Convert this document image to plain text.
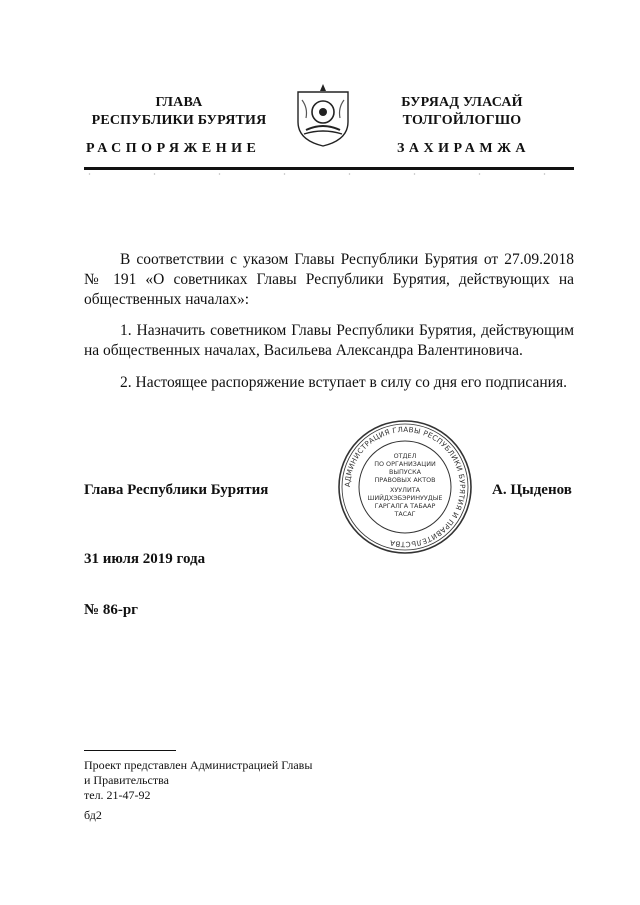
ГЛАВА
РЕСПУБЛИКИ БУРЯТИЯ
БУРЯАД УЛАСАЙ
ТОЛГОЙЛОГШО
РАСПОРЯЖЕНИЕ	ЗАХИРАМЖА
В соответствии с указом Главы Республики Бурятия от 27.09.2018 № 191 «О советниках Главы Республики Бурятия, действующих на общественных началах»:
1. Назначить советником Главы Республики Бурятия, действующим на общественных началах, Васильева Александра Валентиновича.
2. Настоящее распоряжение вступает в силу со дня его подписания.
АДМИНИСТРАЦИЯ ГЛАВЫ РЕСПУБЛИКИ БУРЯТИЯ И ПРАВИТЕЛЬСТВА
ОТДЕЛ
ПО ОРГАНИЗАЦИИ
ВЫПУСКА
ПРАВОВЫХ АКТОВ
ХУУЛИТА
ШИЙДХЭБЭРИНУУДЫЕ
ГАРГАЛГА ТАБААР
ТАСАГ
Глава Республики Бурятия	А. Цыденов
31 июля 2019 года
№ 86-рг
Проект представлен Администрацией Главы
и Правительства
тел. 21-47-92
бд2
